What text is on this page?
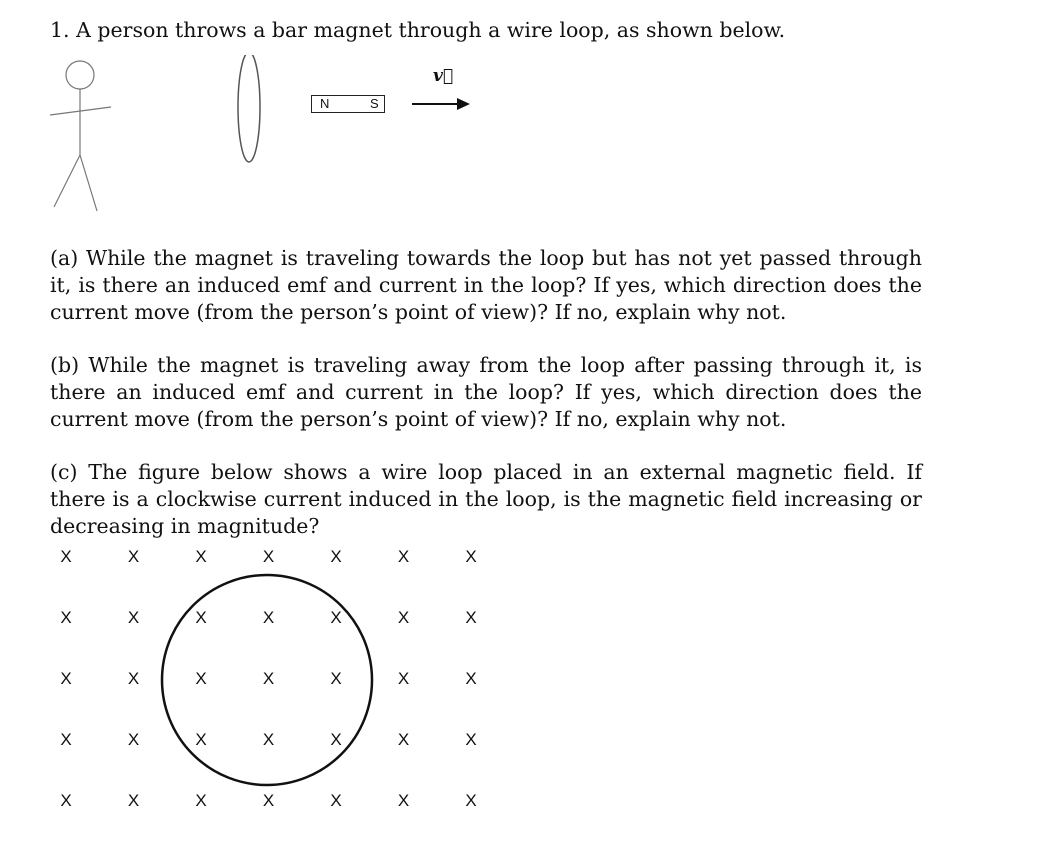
1. A person throws a bar magnet through a wire loop, as shown below.

N	S
v⃗

(a) While the magnet is traveling towards the loop but has not yet passed through it, is there an induced emf and current in the loop? If yes, which direction does the current move (from the person’s point of view)? If no, explain why not.

(b) While the magnet is traveling away from the loop after passing through it, is there an induced emf and current in the loop? If yes, which direction does the current move (from the person’s point of view)? If no, explain why not.

(c) The figure below shows a wire loop placed in an external magnetic field. If there is a clockwise current induced in the loop, is the magnetic field increasing or decreasing in magnitude?

X	X	X	X	X	X	X
X	X	X	X	X	X	X
X	X	X	X	X	X	X
X	X	X	X	X	X	X
X	X	X	X	X	X	X
